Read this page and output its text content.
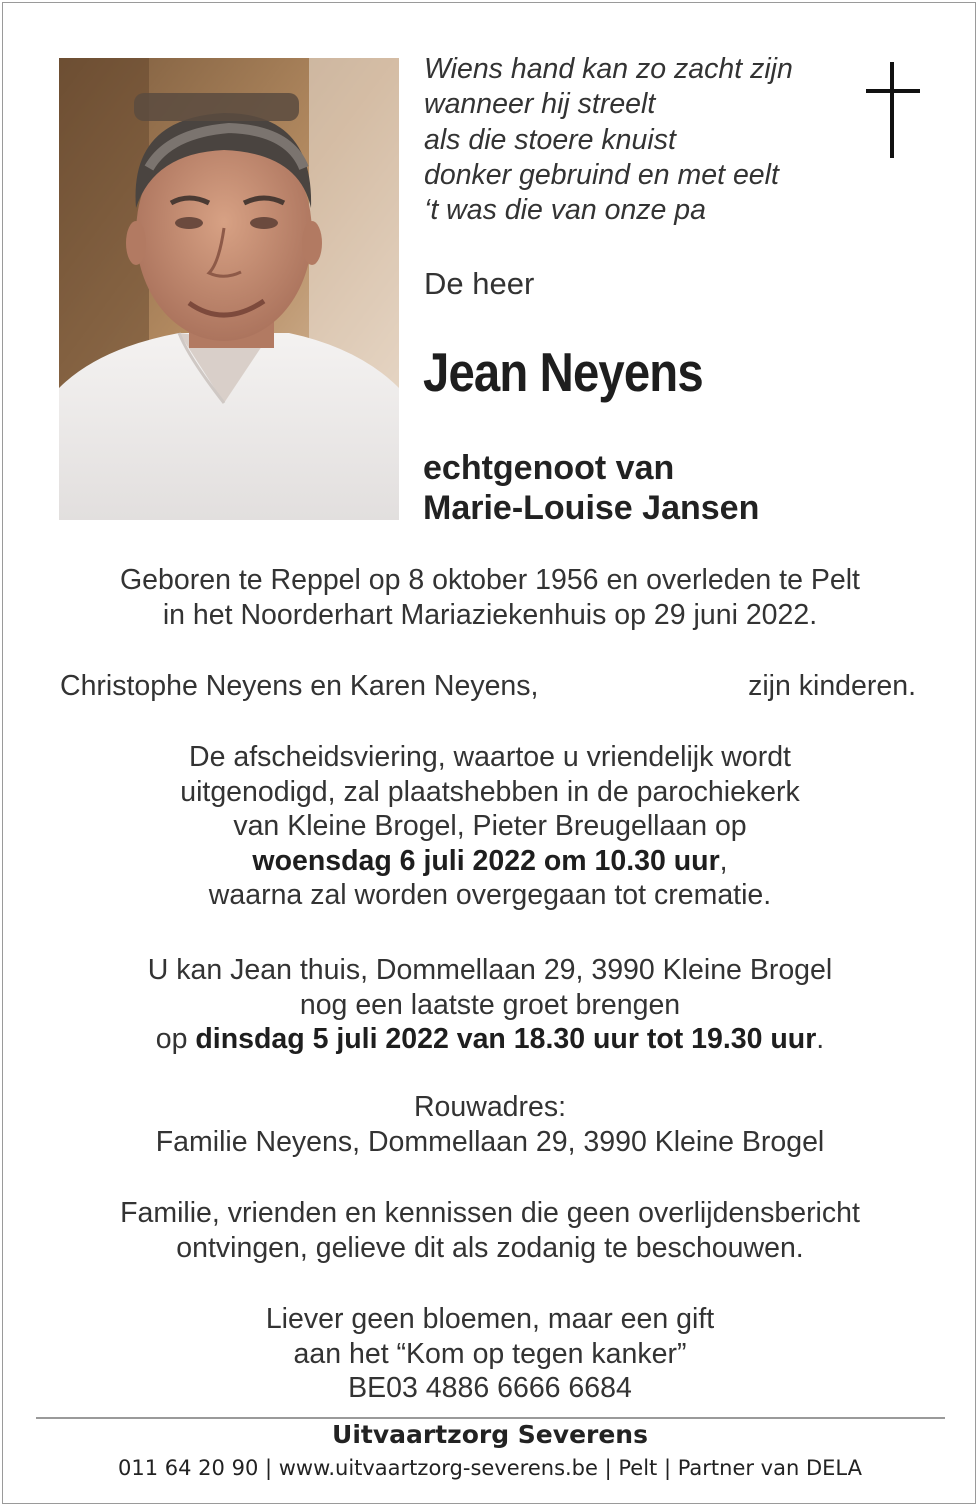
Wiens hand kan zo zacht zijn
wanneer hij streelt
als die stoere knuist
donker gebruind en met eelt
‘t was die van onze pa
De heer
Jean Neyens
echtgenoot van
Marie-Louise Jansen
Geboren te Reppel op 8 oktober 1956 en overleden te Pelt
in het Noorderhart Mariaziekenhuis op 29 juni 2022.
Christophe Neyens en Karen Neyens,	zijn kinderen.
De afscheidsviering, waartoe u vriendelijk wordt
uitgenodigd, zal plaatshebben in de parochiekerk
van Kleine Brogel, Pieter Breugellaan op
woensdag 6 juli 2022 om 10.30 uur,
waarna zal worden overgegaan tot crematie.
U kan Jean thuis, Dommellaan 29, 3990 Kleine Brogel
nog een laatste groet brengen
op dinsdag 5 juli 2022 van 18.30 uur tot 19.30 uur.
Rouwadres:
Familie Neyens, Dommellaan 29, 3990 Kleine Brogel
Familie, vrienden en kennissen die geen overlijdensbericht
ontvingen, gelieve dit als zodanig te beschouwen.
Liever geen bloemen, maar een gift
aan het “Kom op tegen kanker”
BE03 4886 6666 6684
Uitvaartzorg Severens
011 64 20 90 | www.uitvaartzorg-severens.be | Pelt | Partner van DELA
